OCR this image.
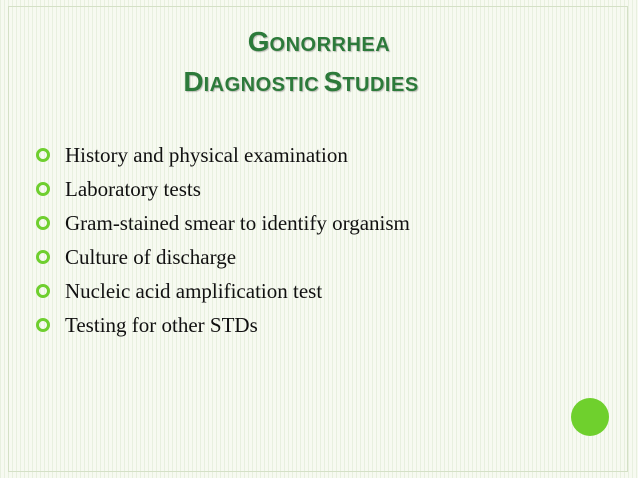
GONORRHEA
DIAGNOSTIC STUDIES
History and physical examination
Laboratory tests
Gram-stained smear to identify organism
Culture of discharge
Nucleic acid amplification test
Testing for other STDs
